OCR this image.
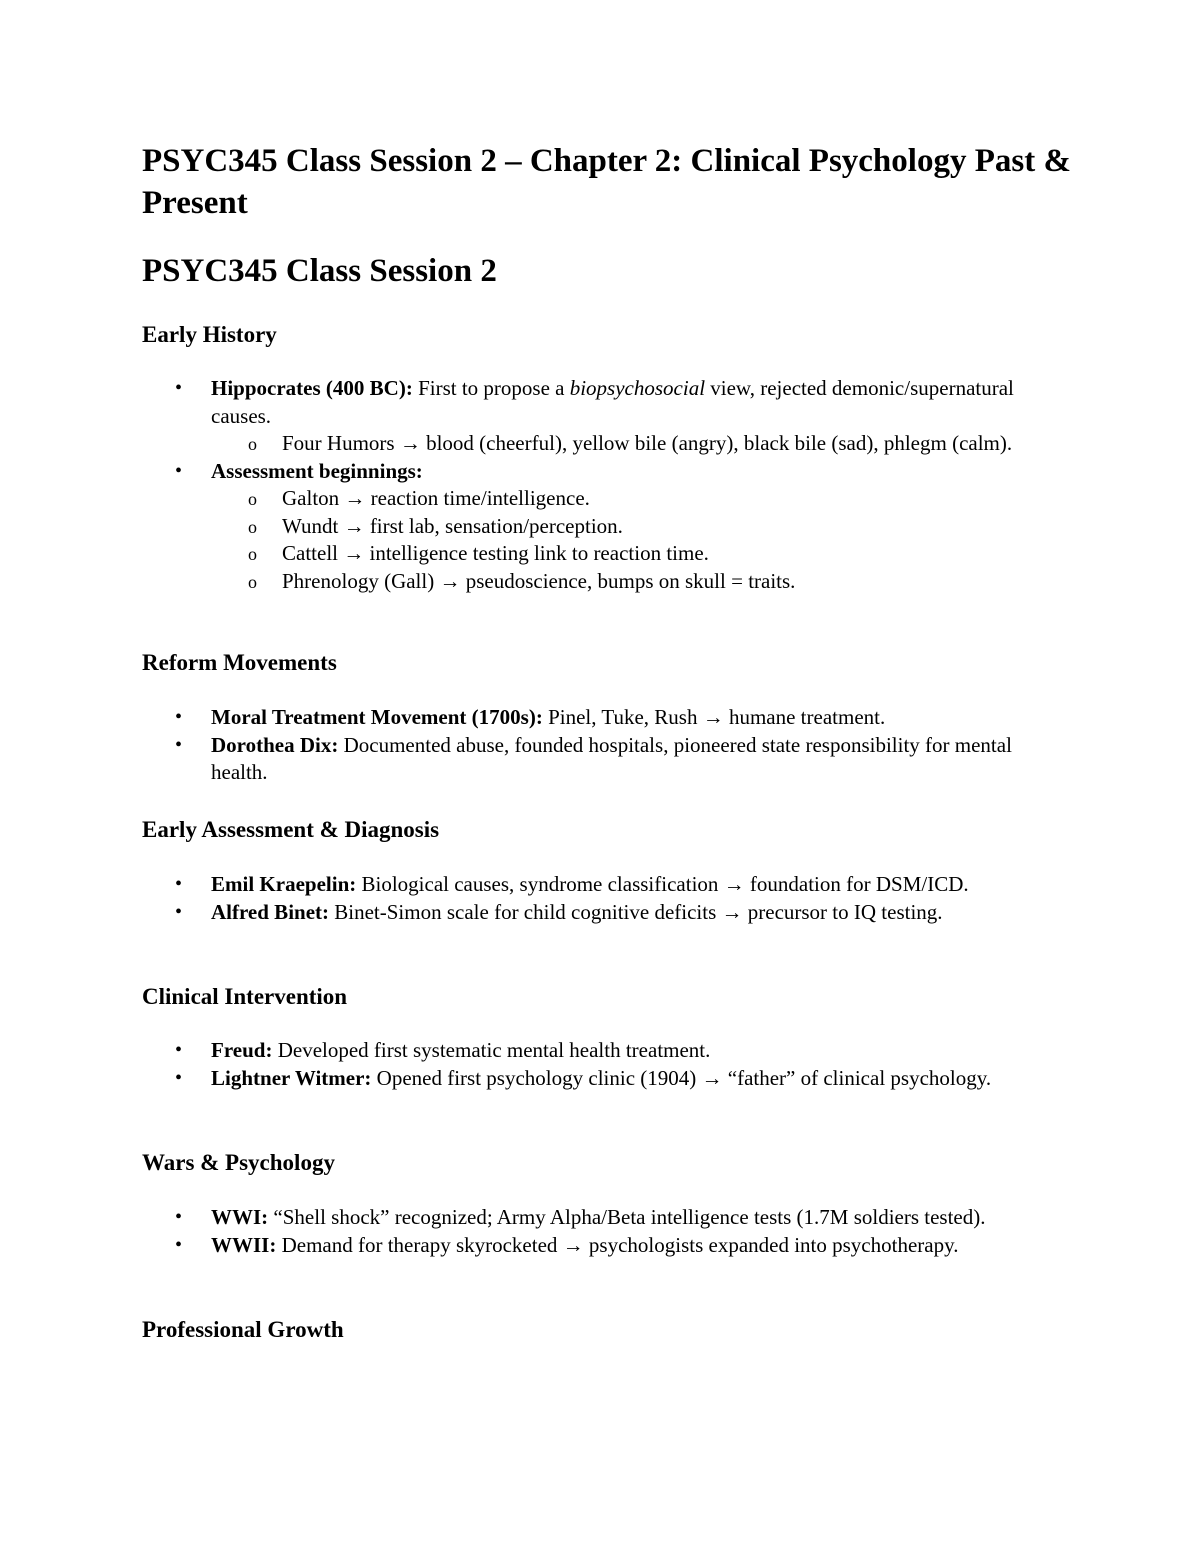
PSYC345 Class Session 2 – Chapter 2: Clinical Psychology Past & Present
PSYC345 Class Session 2
Early History
• Hippocrates (400 BC): First to propose a biopsychosocial view, rejected demonic/supernatural causes.
o Four Humors → blood (cheerful), yellow bile (angry), black bile (sad), phlegm (calm).
• Assessment beginnings:
o Galton → reaction time/intelligence.
o Wundt → first lab, sensation/perception.
o Cattell → intelligence testing link to reaction time.
o Phrenology (Gall) → pseudoscience, bumps on skull = traits.
Reform Movements
• Moral Treatment Movement (1700s): Pinel, Tuke, Rush → humane treatment.
• Dorothea Dix: Documented abuse, founded hospitals, pioneered state responsibility for mental health.
Early Assessment & Diagnosis
• Emil Kraepelin: Biological causes, syndrome classification → foundation for DSM/ICD.
• Alfred Binet: Binet-Simon scale for child cognitive deficits → precursor to IQ testing.
Clinical Intervention
• Freud: Developed first systematic mental health treatment.
• Lightner Witmer: Opened first psychology clinic (1904) → “father” of clinical psychology.
Wars & Psychology
• WWI: “Shell shock” recognized; Army Alpha/Beta intelligence tests (1.7M soldiers tested).
• WWII: Demand for therapy skyrocketed → psychologists expanded into psychotherapy.
Professional Growth
